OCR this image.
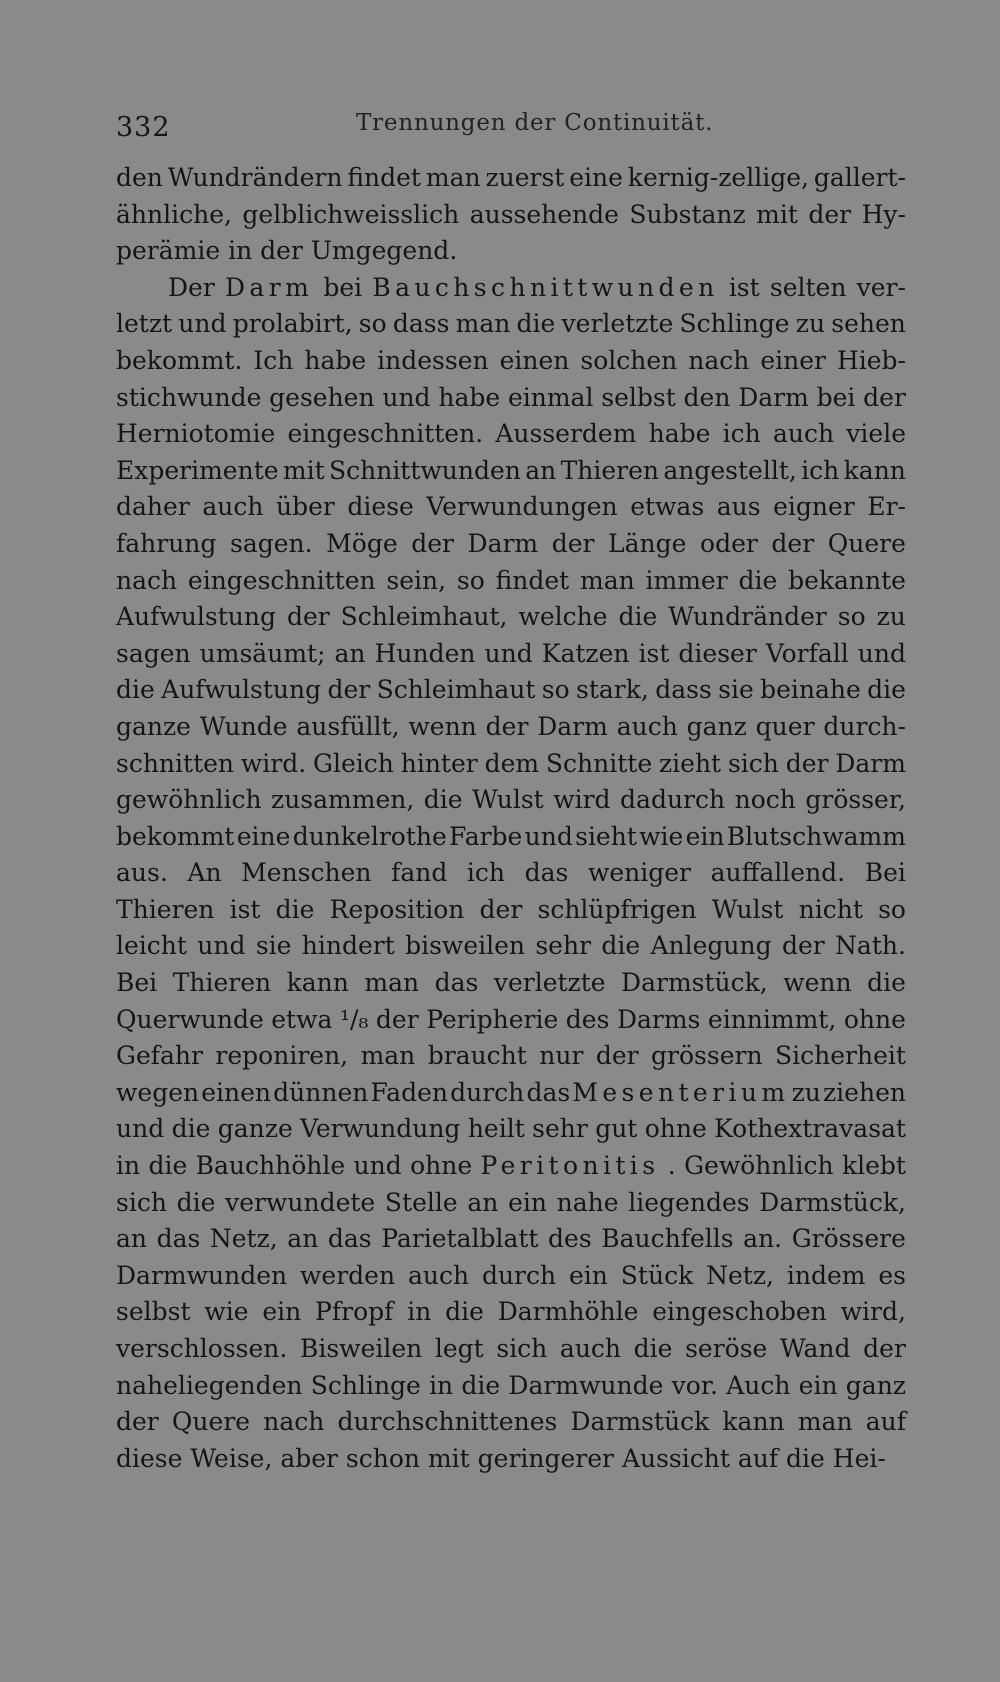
332	Trennungen der Continuität.
den Wundrändern findet man zuerst eine kernig-zellige, gallert-
ähnliche, gelblichweisslich aussehende Substanz mit der Hy-
perämie in der Umgegend.
Der Darm bei Bauchschnittwunden ist selten ver-
letzt und prolabirt, so dass man die verletzte Schlinge zu sehen
bekommt. Ich habe indessen einen solchen nach einer Hieb-
stichwunde gesehen und habe einmal selbst den Darm bei der
Herniotomie eingeschnitten. Ausserdem habe ich auch viele
Experimente mit Schnittwunden an Thieren angestellt, ich kann
daher auch über diese Verwundungen etwas aus eigner Er-
fahrung sagen. Möge der Darm der Länge oder der Quere
nach eingeschnitten sein, so findet man immer die bekannte
Aufwulstung der Schleimhaut, welche die Wundränder so zu
sagen umsäumt; an Hunden und Katzen ist dieser Vorfall und
die Aufwulstung der Schleimhaut so stark, dass sie beinahe die
ganze Wunde ausfüllt, wenn der Darm auch ganz quer durch-
schnitten wird. Gleich hinter dem Schnitte zieht sich der Darm
gewöhnlich zusammen, die Wulst wird dadurch noch grösser,
bekommt eine dunkelrothe Farbe und sieht wie ein Blutschwamm
aus. An Menschen fand ich das weniger auffallend. Bei
Thieren ist die Reposition der schlüpfrigen Wulst nicht so
leicht und sie hindert bisweilen sehr die Anlegung der Nath.
Bei Thieren kann man das verletzte Darmstück, wenn die
Querwunde etwa ¹/₈ der Peripherie des Darms einnimmt, ohne
Gefahr reponiren, man braucht nur der grössern Sicherheit
wegen einen dünnen Faden durch das Mesenterium zu ziehen
und die ganze Verwundung heilt sehr gut ohne Kothextravasat
in die Bauchhöhle und ohne Peritonitis . Gewöhnlich klebt
sich die verwundete Stelle an ein nahe liegendes Darmstück,
an das Netz, an das Parietalblatt des Bauchfells an. Grössere
Darmwunden werden auch durch ein Stück Netz, indem es
selbst wie ein Pfropf in die Darmhöhle eingeschoben wird,
verschlossen. Bisweilen legt sich auch die seröse Wand der
naheliegenden Schlinge in die Darmwunde vor. Auch ein ganz
der Quere nach durchschnittenes Darmstück kann man auf
diese Weise, aber schon mit geringerer Aussicht auf die Hei-
